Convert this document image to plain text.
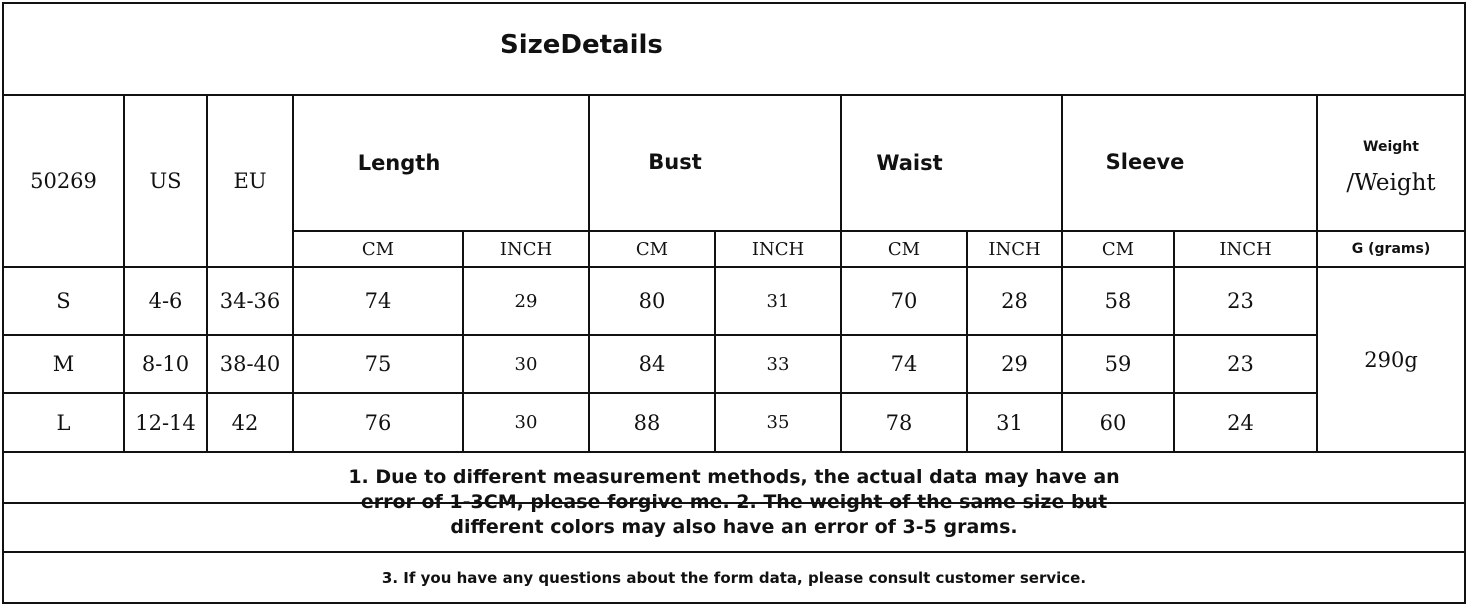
SizeDetails
50269	US	EU
Length	Bust	Waist	Sleeve
Weight
/Weight
CM	INCH	CM	INCH	CM	INCH	CM	INCH	G (grams)
S	4-6	34-36	74	29	80	31	70	28	58	23
M	8-10	38-40	75	30	84	33	74	29	59	23
L	12-14	42	76	30	88	35	78	31	60	24
290g
1. Due to different measurement methods, the actual data may have an
error of 1-3CM, please forgive me. 2. The weight of the same size but
different colors may also have an error of 3-5 grams.
3. If you have any questions about the form data, please consult customer service.
